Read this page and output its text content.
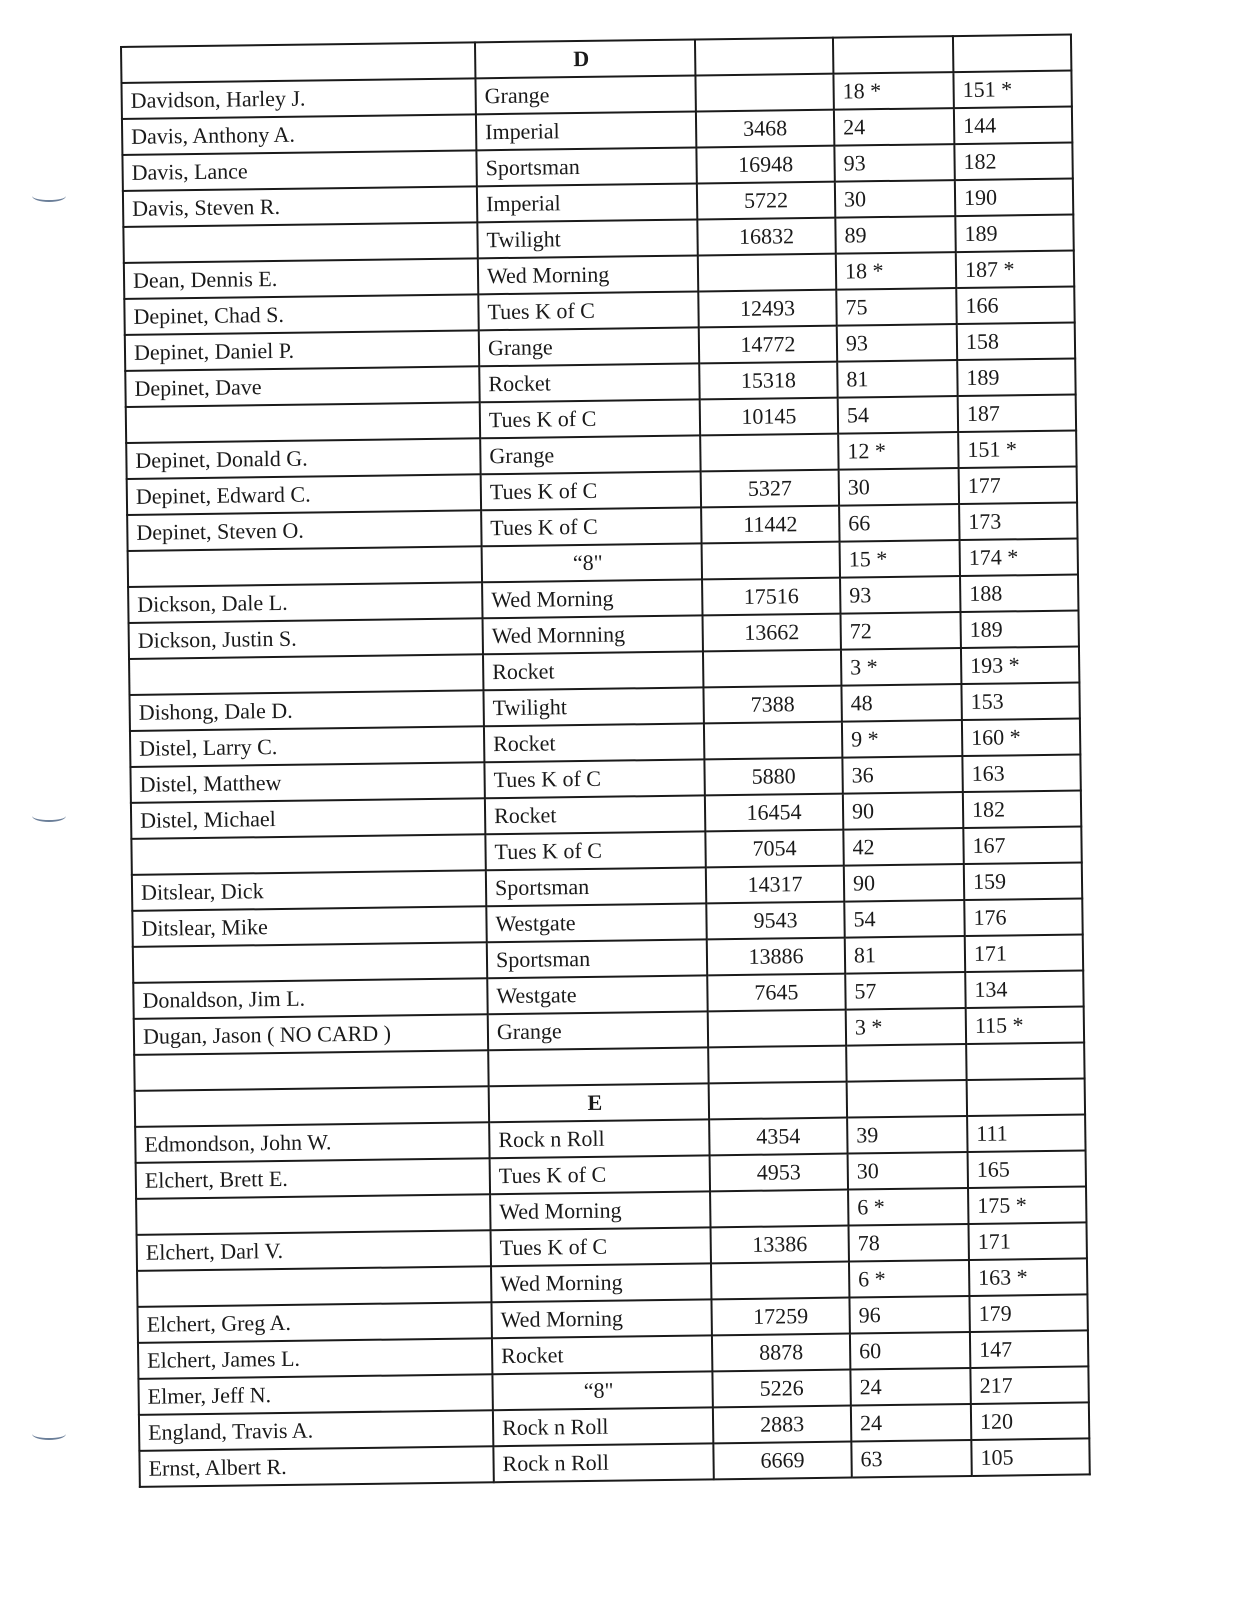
	D			
Davidson, Harley J.	Grange		18 *	151 *
Davis, Anthony A.	Imperial	3468	24	144
Davis, Lance	Sportsman	16948	93	182
Davis, Steven R.	Imperial	5722	30	190
	Twilight	16832	89	189
Dean, Dennis E.	Wed Morning		18 *	187 *
Depinet, Chad S.	Tues K of C	12493	75	166
Depinet, Daniel P.	Grange	14772	93	158
Depinet, Dave	Rocket	15318	81	189
	Tues K of C	10145	54	187
Depinet, Donald G.	Grange		12 *	151 *
Depinet, Edward C.	Tues K of C	5327	30	177
Depinet, Steven O.	Tues K of C	11442	66	173
	“8"		15 *	174 *
Dickson, Dale L.	Wed Morning	17516	93	188
Dickson, Justin S.	Wed Mornning	13662	72	189
	Rocket		3 *	193 *
Dishong, Dale D.	Twilight	7388	48	153
Distel, Larry C.	Rocket		9 *	160 *
Distel, Matthew	Tues K of C	5880	36	163
Distel, Michael	Rocket	16454	90	182
	Tues K of C	7054	42	167
Ditslear, Dick	Sportsman	14317	90	159
Ditslear, Mike	Westgate	9543	54	176
	Sportsman	13886	81	171
Donaldson, Jim L.	Westgate	7645	57	134
Dugan, Jason ( NO CARD )	Grange		3 *	115 *

	E			
Edmondson, John W.	Rock n Roll	4354	39	111
Elchert, Brett E.	Tues K of C	4953	30	165
	Wed Morning		6 *	175 *
Elchert, Darl V.	Tues K of C	13386	78	171
	Wed Morning		6 *	163 *
Elchert, Greg A.	Wed Morning	17259	96	179
Elchert, James L.	Rocket	8878	60	147
Elmer, Jeff N.	“8"	5226	24	217
England, Travis A.	Rock n Roll	2883	24	120
Ernst, Albert R.	Rock n Roll	6669	63	105
